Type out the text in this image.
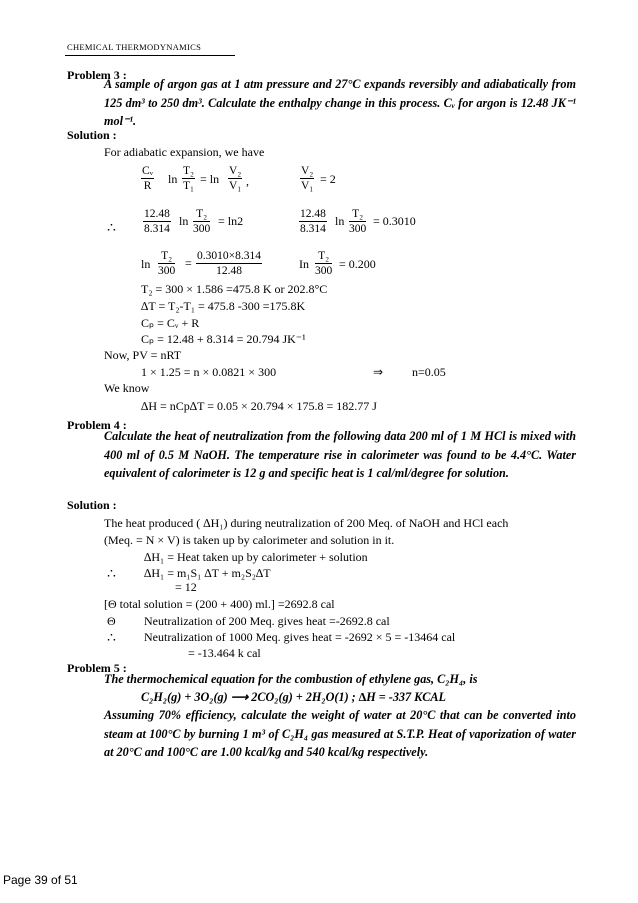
CHEMICAL THERMODYNAMICS
Problem 3 :
A sample of argon gas at 1 atm pressure and 27°C expands reversibly and adiabatically from 125 dm³ to 250 dm³. Calculate the enthalpy change in this process. Cᵥ for argon is 12.48 JK⁻¹ mol⁻¹.
Solution :
For adiabatic expansion, we have
Cᵥ
R ln
T₂
T₁ = ln
V₂
V₁ ,
V₂
V₁ = 2
∴
12.48
8.314
ln T₂
300
= ln2	12.48
8.314
ln T₂
300
= 0.3010
ln
T₂
300
= 0.3010×8.314
12.48	In
T₂
300 = 0.200
T₂ = 300 × 1.586 =475.8 K or 202.8°C
∆T = T₂-T₁ = 475.8 -300 =175.8K
Cₚ = Cᵥ + R
Cₚ = 12.48 + 8.314 = 20.794 JK⁻¹
Now, PV = nRT
1 × 1.25 = n × 0.0821 × 300	⇒ n=0.05
We know
∆H = nCp∆T = 0.05 × 20.794 × 175.8 = 182.77 J
Problem 4 :
Calculate the heat of neutralization from the following data 200 ml of 1 M HCl is mixed with 400 ml of 0.5 M NaOH. The temperature rise in calorimeter was found to be 4.4°C. Water equivalent of calorimeter is 12 g and specific heat is 1 cal/ml/degree for solution.
Solution :
The heat produced ( ∆H₁) during neutralization of 200 Meq. of NaOH and HCl each
(Meq. = N × V) is taken up by calorimeter and solution in it.
∆H₁ = Heat taken up by calorimeter + solution
∴ ∆H₁ = m₁S₁ ∆T + m₂S₂∆T
= 12
[Θ total solution = (200 + 400) ml.] =2692.8 cal
Θ Neutralization of 200 Meq. gives heat =-2692.8 cal
∴ Neutralization of 1000 Meq. gives heat = -2692 × 5 = -13464 cal
= -13.464 k cal
Problem 5 :
The thermochemical equation for the combustion of ethylene gas, C₂H₄, is
C₂H₂(g) + 3O₂(g) ⟶ 2CO₂(g) + 2H₂O(1) ; ∆H = -337 KCAL
Assuming 70% efficiency, calculate the weight of water at 20°C that can be converted into steam at 100°C by burning 1 m³ of C₂H₄ gas measured at S.T.P. Heat of vaporization of water at 20°C and 100°C are 1.00 kcal/kg and 540 kcal/kg respectively.
Page 39 of 51
